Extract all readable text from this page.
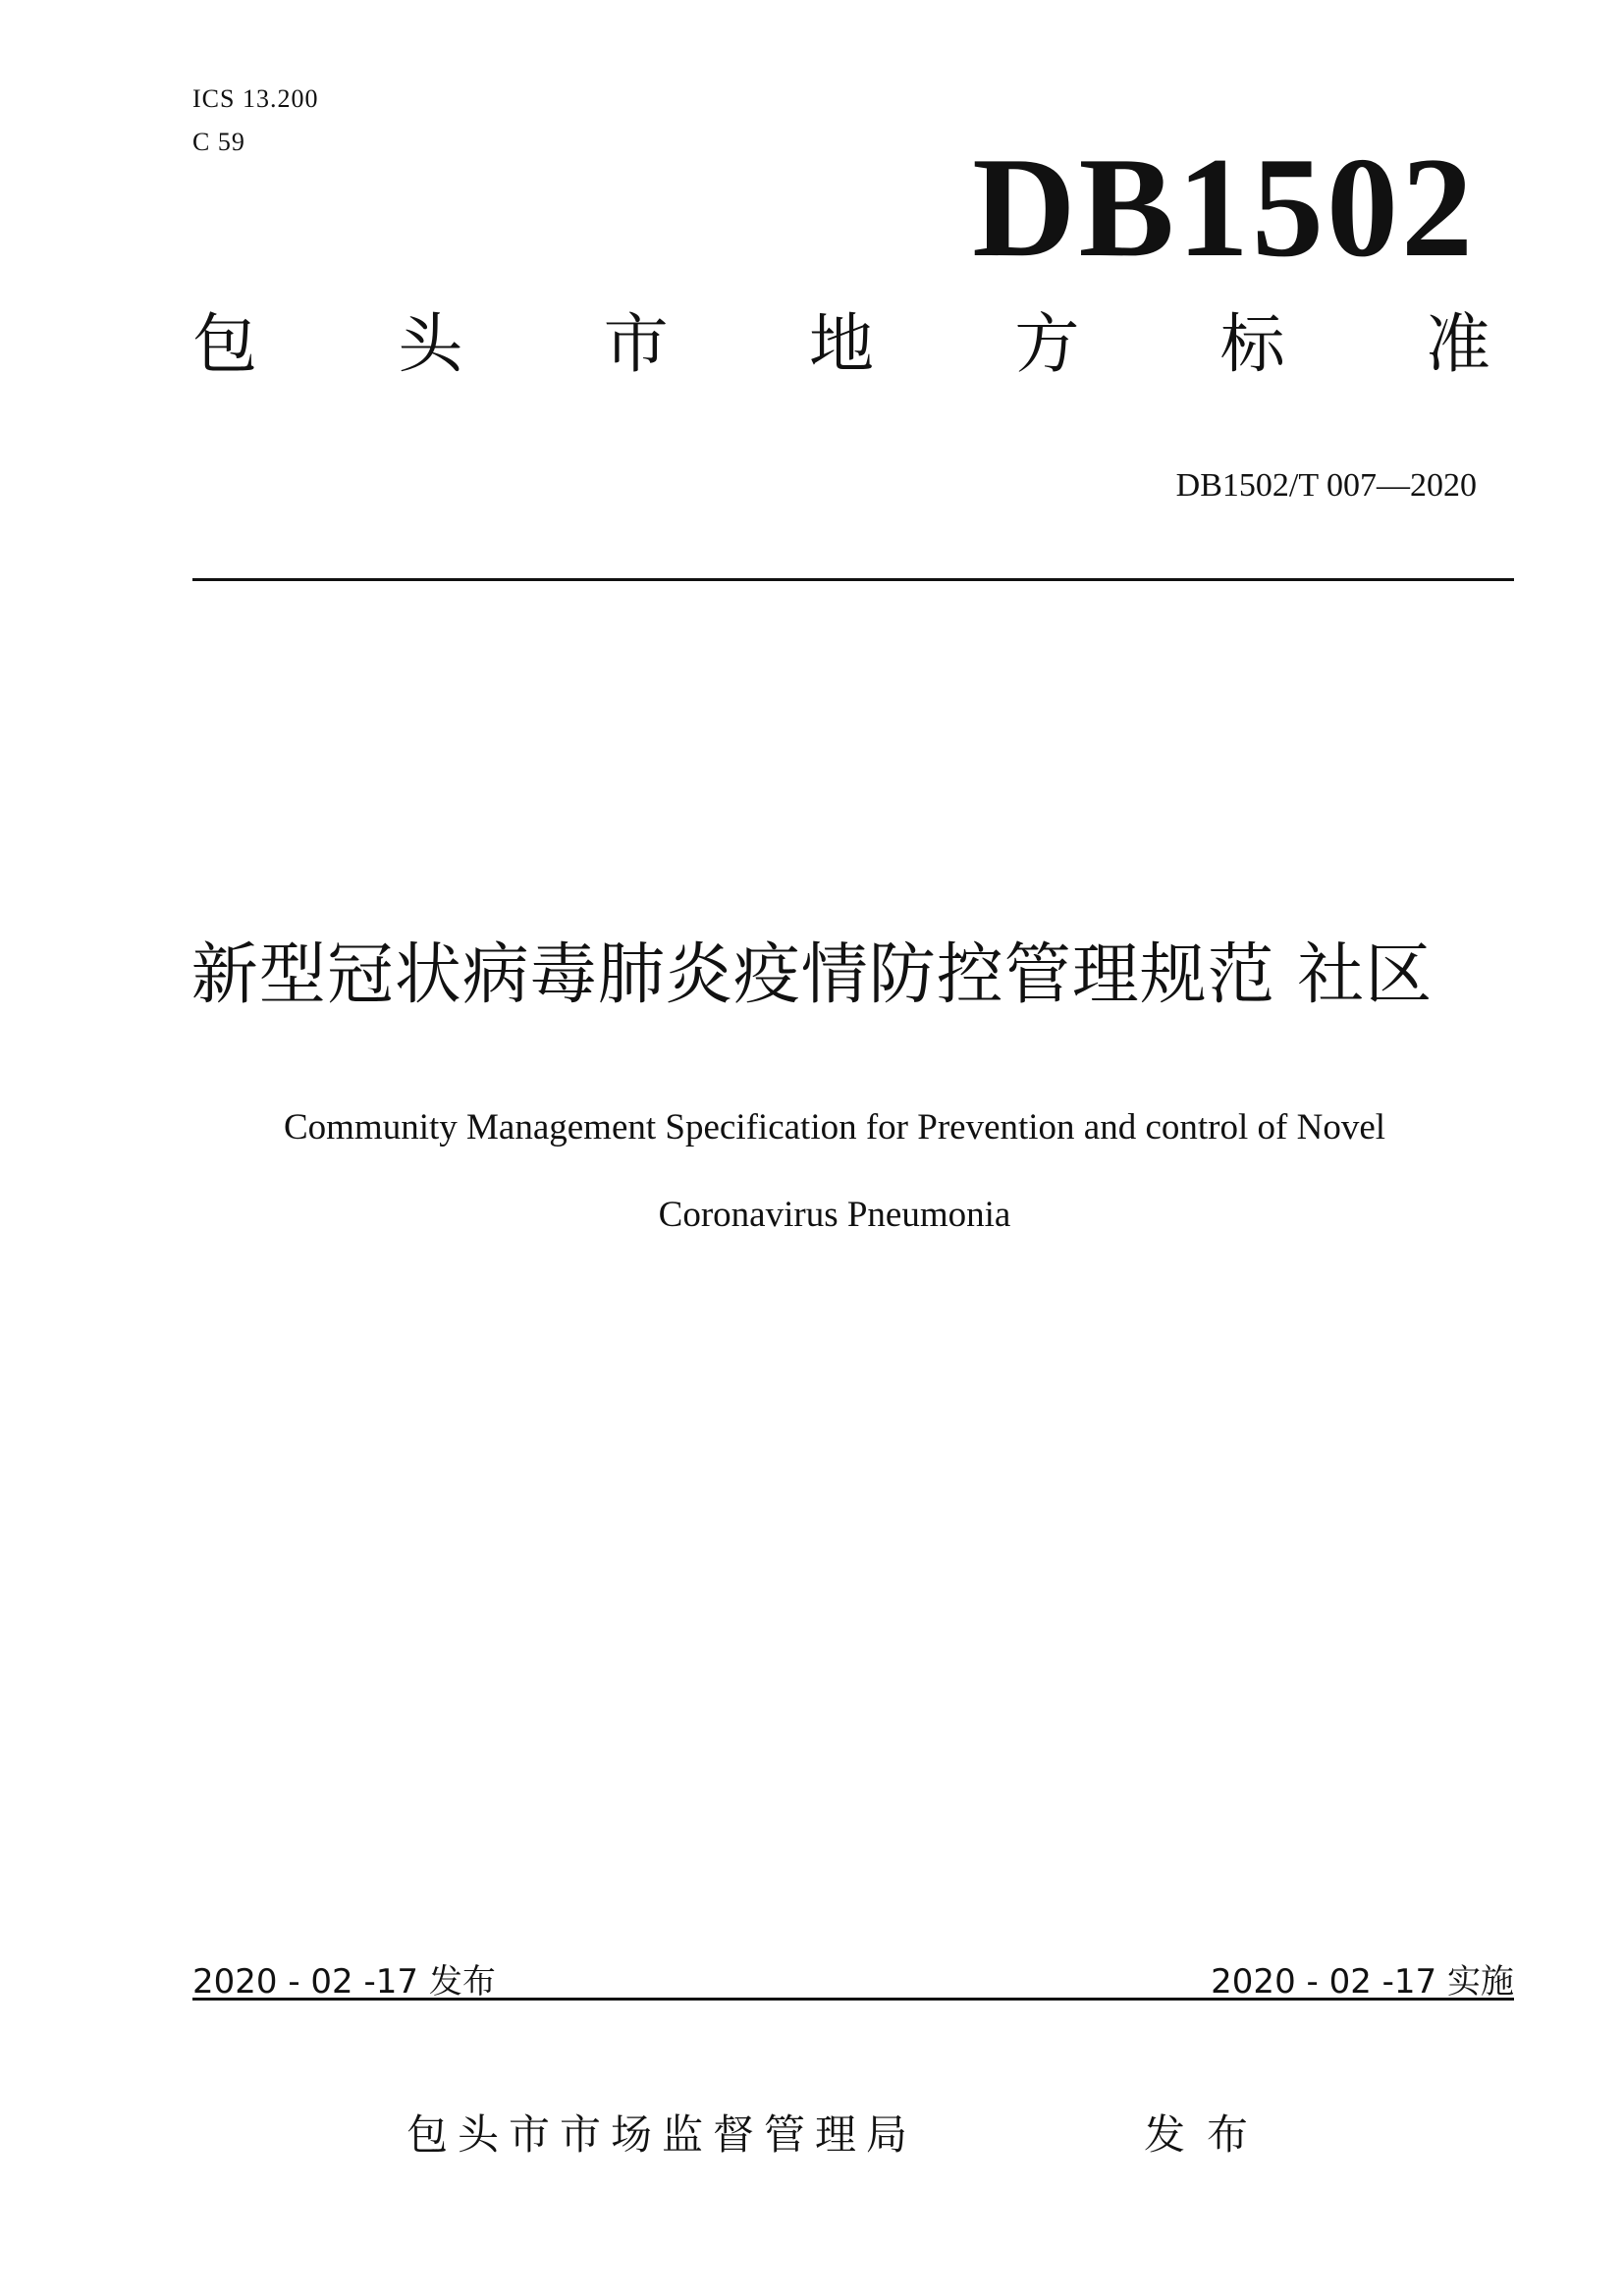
ICS 13.200
C 59	DB1502
包 头 市 地 方 标 准
DB1502/T 007—2020
新型冠状病毒肺炎疫情防控管理规范 社区
Community Management Specification for Prevention and control of Novel
Coronavirus Pneumonia
2020 - 02 -17 发布	2020 - 02 -17 实施
包头市市场监督管理局	发布
